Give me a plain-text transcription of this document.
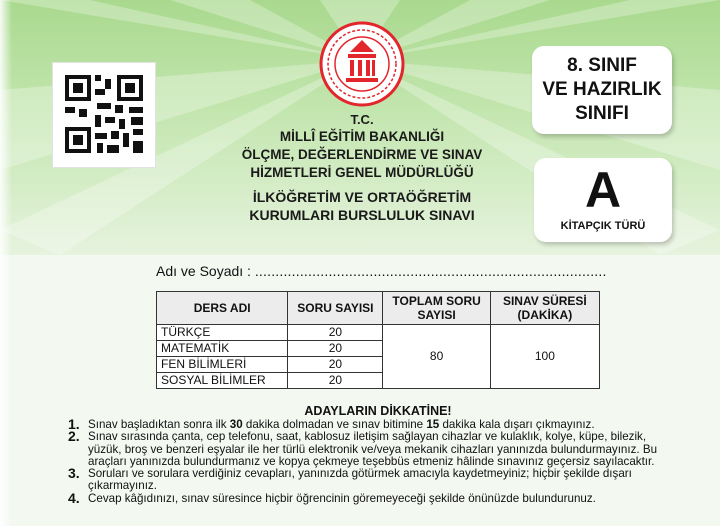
T.C.
MİLLÎ EĞİTİM BAKANLIĞI
ÖLÇME, DEĞERLENDİRME VE SINAV
HİZMETLERİ GENEL MÜDÜRLÜĞÜ
İLKÖĞRETİM VE ORTAÖĞRETİM
KURUMLARI BURSLULUK SINAVI
8. SINIF
VE HAZIRLIK
SINIFI
A
KİTAPÇIK TÜRÜ
Adı ve Soyadı : ......................................................................................
DERS ADI	SORU SAYISI	TOPLAM SORU SAYISI	SINAV SÜRESİ (DAKİKA)
TÜRKÇE	20	80	100
MATEMATİK	20		
FEN BİLİMLERİ	20		
SOSYAL BİLİMLER	20		
ADAYLARIN DİKKATİNE!
1. Sınav başladıktan sonra ilk 30 dakika dolmadan ve sınav bitimine 15 dakika kala dışarı çıkmayınız.
2. Sınav sırasında çanta, cep telefonu, saat, kablosuz iletişim sağlayan cihazlar ve kulaklık, kolye, küpe, bilezik, yüzük, broş ve benzeri eşyalar ile her türlü elektronik ve/veya mekanik cihazları yanınızda bulundurmayınız. Bu araçları yanınızda bulundurmanız ve kopya çekmeye teşebbüs etmeniz hâlinde sınavınız geçersiz sayılacaktır.
3. Soruları ve sorulara verdiğiniz cevapları, yanınızda götürmek amacıyla kaydetmeyiniz; hiçbir şekilde dışarı çıkarmayınız.
4. Cevap kâğıdınızı, sınav süresince hiçbir öğrencinin göremeyeceği şekilde önünüzde bulundurunuz.
